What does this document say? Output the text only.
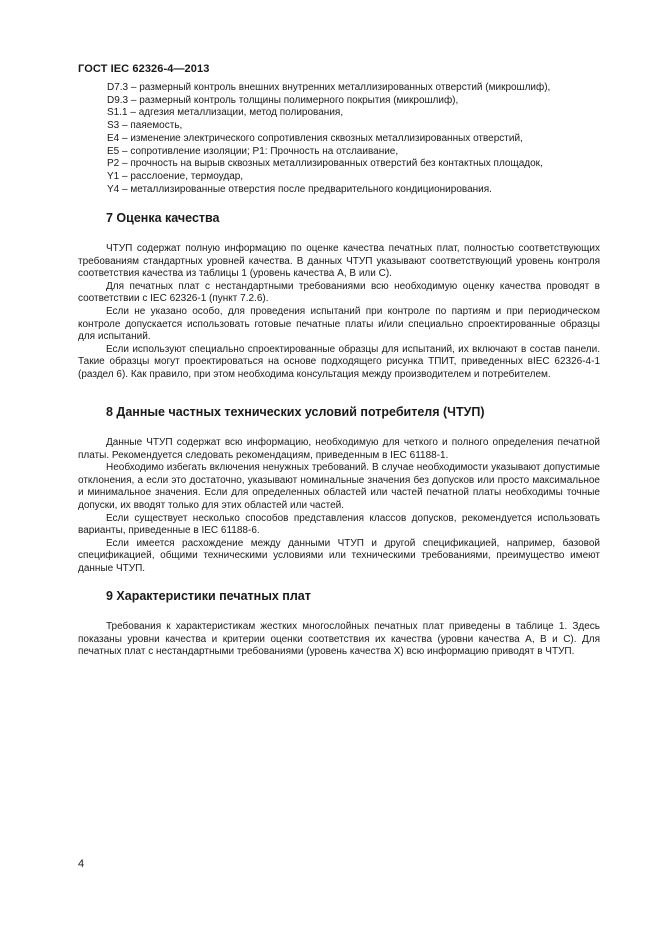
ГОСТ IEC 62326-4—2013
D7.3 – размерный контроль внешних внутренних металлизированных отверстий (микрошлиф),
D9.3 – размерный контроль толщины полимерного покрытия (микрошлиф),
S1.1 – адгезия металлизации, метод полирования,
S3 – паяемость,
E4 – изменение электрического сопротивления сквозных металлизированных отверстий,
E5 – сопротивление изоляции; P1: Прочность на отслаивание,
P2 – прочность на вырыв сквозных металлизированных отверстий без контактных площадок,
Y1 – расслоение, термоудар,
Y4 – металлизированные отверстия после предварительного кондиционирования.
7 Оценка качества

ЧТУП содержат полную информацию по оценке качества печатных плат, полностью соответствующих требованиям стандартных уровней качества. В данных ЧТУП указывают соответствующий уровень контроля соответствия качества из таблицы 1 (уровень качества А, В или С).

Для печатных плат с нестандартными требованиями всю необходимую оценку качества проводят в соответствии с IEC 62326-1 (пункт 7.2.6).

Если не указано особо, для проведения испытаний при контроле по партиям и при периодическом контроле допускается использовать готовые печатные платы и/или специально спроектированные образцы для испытаний.

Если используют специально спроектированные образцы для испытаний, их включают в состав панели. Такие образцы могут проектироваться на основе подходящего рисунка ТПИТ, приведенных вIEC 62326-4-1 (раздел 6). Как правило, при этом необходима консультация между производителем и потребителем.

8 Данные частных технических условий потребителя (ЧТУП)

Данные ЧТУП содержат всю информацию, необходимую для четкого и полного определения печатной платы. Рекомендуется следовать рекомендациям, приведенным в IEC 61188-1.

Необходимо избегать включения ненужных требований. В случае необходимости указывают допустимые отклонения, а если это достаточно, указывают номинальные значения без допусков или просто максимальное и минимальное значения. Если для определенных областей или частей печатной платы необходимы точные допуски, их вводят только для этих областей или частей.

Если существует несколько способов представления классов допусков, рекомендуется использовать варианты, приведенные в IEC 61188-6.

Если имеется расхождение между данными ЧТУП и другой спецификацией, например, базовой спецификацией, общими техническими условиями или техническими требованиями, преимущество имеют данные ЧТУП.

9 Характеристики печатных плат

Требования к характеристикам жестких многослойных печатных плат приведены в таблице 1. Здесь показаны уровни качества и критерии оценки соответствия их качества (уровни качества А, В и С). Для печатных плат с нестандартными требованиями (уровень качества X) всю информацию приводят в ЧТУП.

4
